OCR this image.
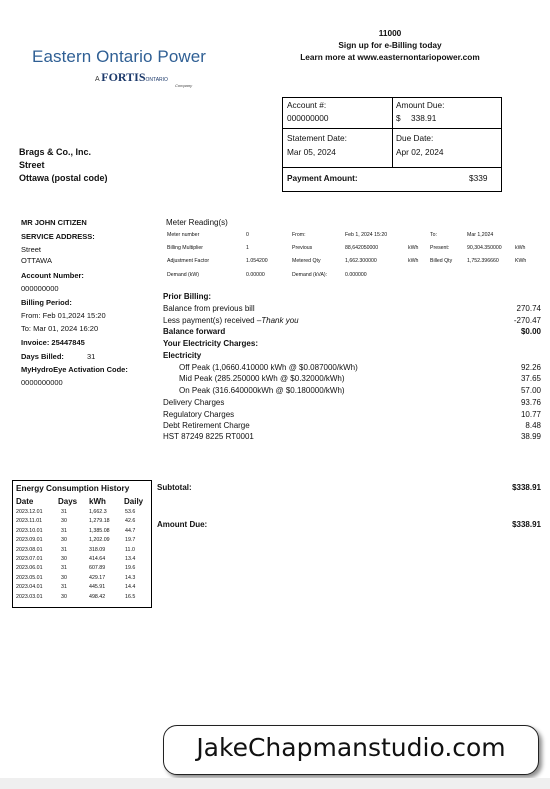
Eastern Ontario Power
A FORTISONTARIO
Company
11000
Sign up for e-Billing today
Learn more at www.easternontariopower.com
Account #:
000000000
Amount Due:
$ 338.91
Statement Date:
Mar 05, 2024
Due Date:
Apr 02, 2024
Payment Amount:	$339
Brags & Co., Inc.
Street
Ottawa (postal code)
MR JOHN CITIZEN
SERVICE ADDRESS:
Street
OTTAWA
Account Number:
000000000
Billing Period:
From: Feb 01,2024 15:20
To: Mar 01, 2024 16:20
Invoice: 25447845
Days Billed:	31
MyHydroEye Activation Code:
0000000000
Meter Reading(s)
Meter number	0	From:	Feb 1, 2024 15:20	To:	Mar 1,2024
Billing Multiplier	1	Previous	88,642050000	kWh Present:	90,304.350000	kWh
Adjustment Factor	1.054200	Metered Qty	1,662.300000	kWh Billed Qty	1,752.396660	KWh
Demand (kW)	0.00000	Demand (kVA):	0.000000
Prior Billing:
Balance from previous bill	270.74
Less payment(s) received –Thank you	-270.47
Balance forward	$0.00
Your Electricity Charges:
Electricity
Off Peak (1,0660.410000 kWh @ $0.087000/kWh)	92.26
Mid Peak (285.250000 kWh @ $0.32000/kWh)	37.65
On Peak (316.640000kWh @ $0.180000/kWh)	57.00
Delivery Charges	93.76
Regulatory Charges	10.77
Debt Retirement Charge	8.48
HST 87249 8225 RT0001	38.99
Subtotal:	$338.91
Amount Due:	$338.91
Energy Consumption History
Date	Days kWh Daily
2023.12.01	31	1,662.3	53.6
2023.11.01	30	1,279.18	42.6
2023.10.01	31	1,385.08	44.7
2023.09.01	30	1,202.09	19.7
2023.08.01	31	318.09	11.0
2023.07.01	30	414.64	13.4
2023.06.01	31	607.89	19.6
2023.05.01	30	429.17	14.3
2023.04.01	31	445.91	14.4
2023.03.01	30	498.42	16.5
JakeChapmanstudio.com
